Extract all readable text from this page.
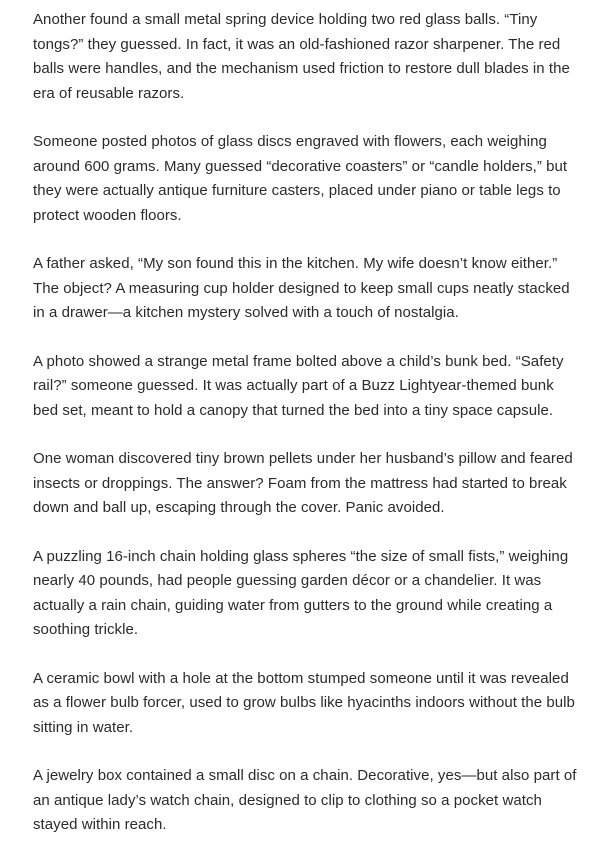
Another found a small metal spring device holding two red glass balls. “Tiny tongs?” they guessed. In fact, it was an old-fashioned razor sharpener. The red balls were handles, and the mechanism used friction to restore dull blades in the era of reusable razors.

Someone posted photos of glass discs engraved with flowers, each weighing around 600 grams. Many guessed “decorative coasters” or “candle holders,” but they were actually antique furniture casters, placed under piano or table legs to protect wooden floors.

A father asked, “My son found this in the kitchen. My wife doesn’t know either.” The object? A measuring cup holder designed to keep small cups neatly stacked in a drawer—a kitchen mystery solved with a touch of nostalgia.

A photo showed a strange metal frame bolted above a child’s bunk bed. “Safety rail?” someone guessed. It was actually part of a Buzz Lightyear-themed bunk bed set, meant to hold a canopy that turned the bed into a tiny space capsule.

One woman discovered tiny brown pellets under her husband’s pillow and feared insects or droppings. The answer? Foam from the mattress had started to break down and ball up, escaping through the cover. Panic avoided.

A puzzling 16-inch chain holding glass spheres “the size of small fists,” weighing nearly 40 pounds, had people guessing garden décor or a chandelier. It was actually a rain chain, guiding water from gutters to the ground while creating a soothing trickle.

A ceramic bowl with a hole at the bottom stumped someone until it was revealed as a flower bulb forcer, used to grow bulbs like hyacinths indoors without the bulb sitting in water.

A jewelry box contained a small disc on a chain. Decorative, yes—but also part of an antique lady’s watch chain, designed to clip to clothing so a pocket watch stayed within reach.
